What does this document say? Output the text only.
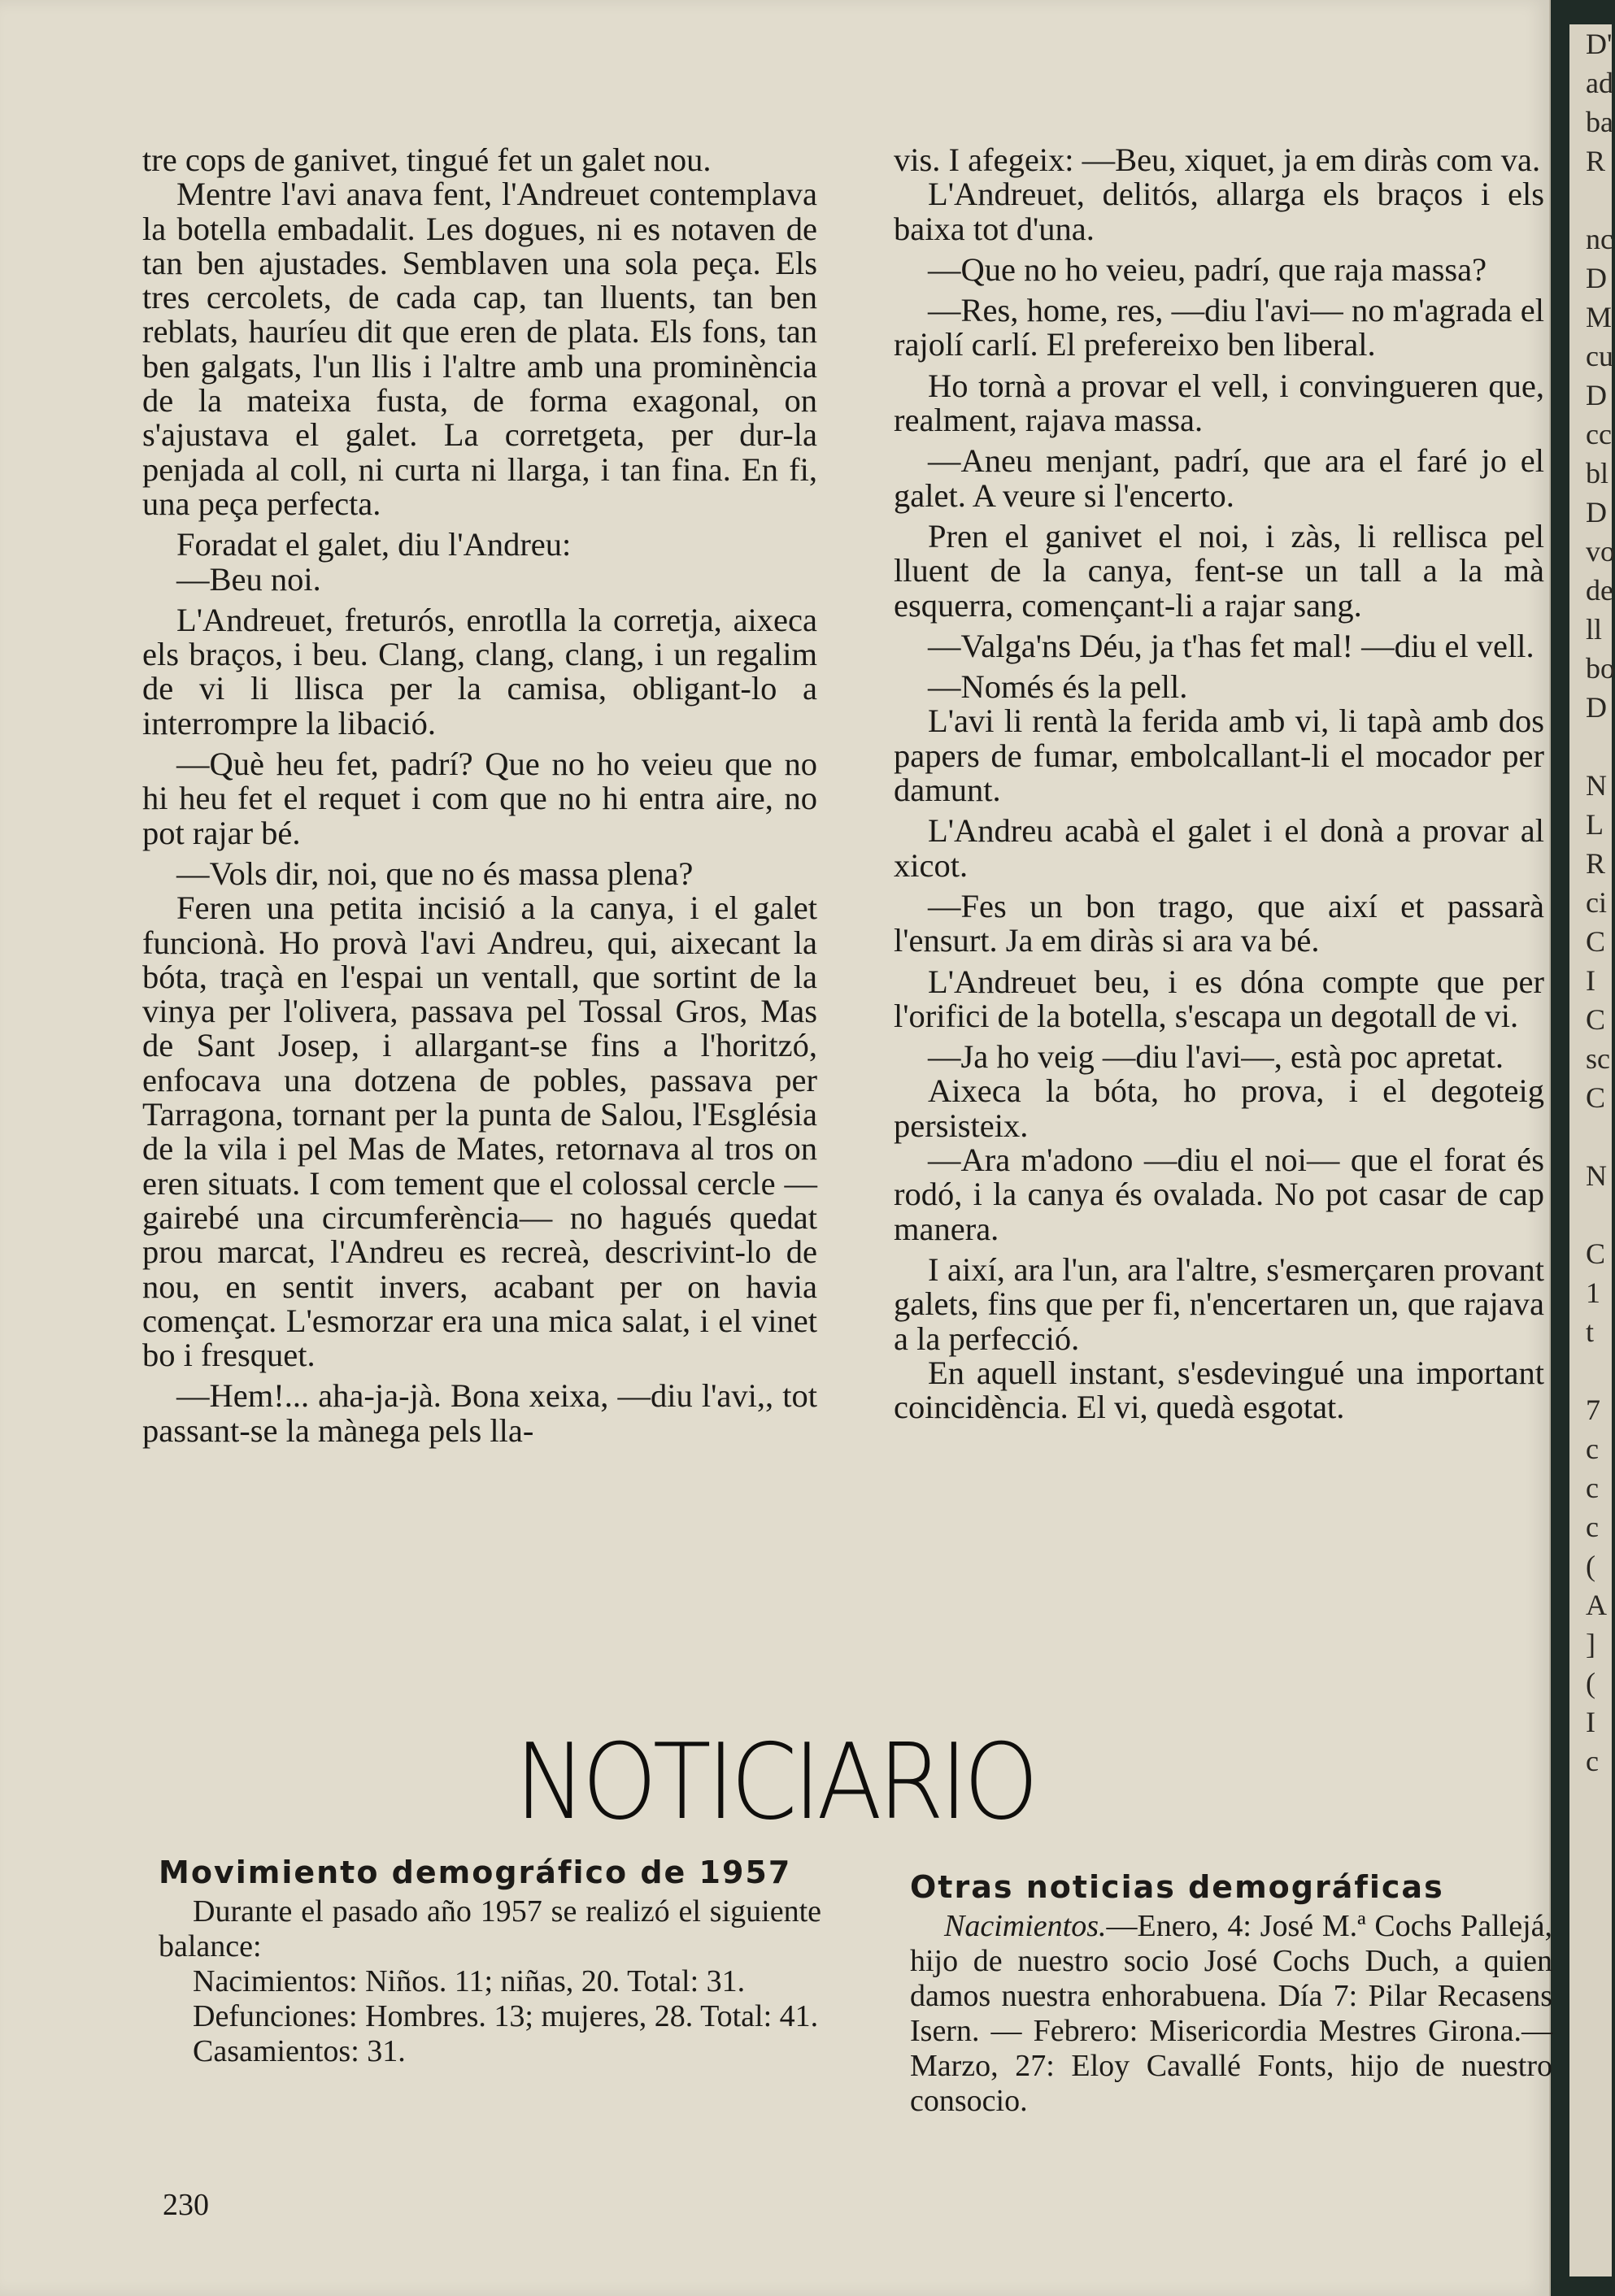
tre cops de ganivet, tingué fet un galet nou.

Mentre l'avi anava fent, l'Andreuet contemplava la botella embadalit. Les dogues, ni es notaven de tan ben ajustades. Semblaven una sola peça. Els tres cercolets, de cada cap, tan lluents, tan ben reblats, hauríeu dit que eren de plata. Els fons, tan ben galgats, l'un llis i l'altre amb una prominència de la mateixa fusta, de forma exagonal, on s'ajustava el galet. La corretgeta, per dur-la penjada al coll, ni curta ni llarga, i tan fina. En fi, una peça perfecta.

Foradat el galet, diu l'Andreu:

—Beu noi.

L'Andreuet, freturós, enrotlla la corretja, aixeca els braços, i beu. Clang, clang, clang, i un regalim de vi li llisca per la camisa, obligant-lo a interrompre la libació.

—Què heu fet, padrí? Que no ho veieu que no hi heu fet el requet i com que no hi entra aire, no pot rajar bé.

—Vols dir, noi, que no és massa plena?

Feren una petita incisió a la canya, i el galet funcionà. Ho provà l'avi Andreu, qui, aixecant la bóta, traçà en l'espai un ventall, que sortint de la vinya per l'olivera, passava pel Tossal Gros, Mas de Sant Josep, i allargant-se fins a l'horitzó, enfocava una dotzena de pobles, passava per Tarragona, tornant per la punta de Salou, l'Església de la vila i pel Mas de Mates, retornava al tros on eren situats. I com tement que el colossal cercle —gairebé una circumferència— no hagués quedat prou marcat, l'Andreu es recreà, descrivint-lo de nou, en sentit invers, acabant per on havia començat. L'esmorzar era una mica salat, i el vinet bo i fresquet.

—Hem!... aha-ja-jà. Bona xeixa, —diu l'avi,, tot passant-se la mànega pels lla-

vis. I afegeix: —Beu, xiquet, ja em diràs com va.

L'Andreuet, delitós, allarga els braços i els baixa tot d'una.

—Que no ho veieu, padrí, que raja massa?

—Res, home, res, —diu l'avi— no m'agrada el rajolí carlí. El prefereixo ben liberal.

Ho tornà a provar el vell, i convingueren que, realment, rajava massa.

—Aneu menjant, padrí, que ara el faré jo el galet. A veure si l'encerto.

Pren el ganivet el noi, i zàs, li rellisca pel lluent de la canya, fent-se un tall a la mà esquerra, començant-li a rajar sang.

—Valga'ns Déu, ja t'has fet mal! —diu el vell.

—Només és la pell.

L'avi li rentà la ferida amb vi, li tapà amb dos papers de fumar, embolcallant-li el mocador per damunt.

L'Andreu acabà el galet i el donà a provar al xicot.

—Fes un bon trago, que així et passarà l'ensurt. Ja em diràs si ara va bé.

L'Andreuet beu, i es dóna compte que per l'orifici de la botella, s'escapa un degotall de vi.

—Ja ho veig —diu l'avi—, està poc apretat.

Aixeca la bóta, ho prova, i el degoteig persisteix.

—Ara m'adono —diu el noi— que el forat és rodó, i la canya és ovalada. No pot casar de cap manera.

I així, ara l'un, ara l'altre, s'esmerçaren provant galets, fins que per fi, n'encertaren un, que rajava a la perfecció.

En aquell instant, s'esdevingué una important coincidència. El vi, quedà esgotat.

NOTICIARIO
Movimiento demográfico de 1957

Durante el pasado año 1957 se realizó el siguiente balance:

Nacimientos: Niños. 11; niñas, 20. Total: 31.

Defunciones: Hombres. 13; mujeres, 28. Total: 41.

Casamientos: 31.

Otras noticias demográficas

Nacimientos.—Enero, 4: José M.ª Cochs Pallejá, hijo de nuestro socio José Cochs Duch, a quien damos nuestra enhorabuena. Día 7: Pilar Recasens Isern. — Febrero: Misericordia Mestres Girona.—Marzo, 27: Eloy Cavallé Fonts, hijo de nuestro consocio.

230
D'
ad
ba
R
nc
D
M
cu
D
cc
bl
D
vo
de
ll
bo
D
N
L
R
ci
C
I
C
sc
C
N
C
1
t
7
c
c
c
(
A
]
(
I
c
